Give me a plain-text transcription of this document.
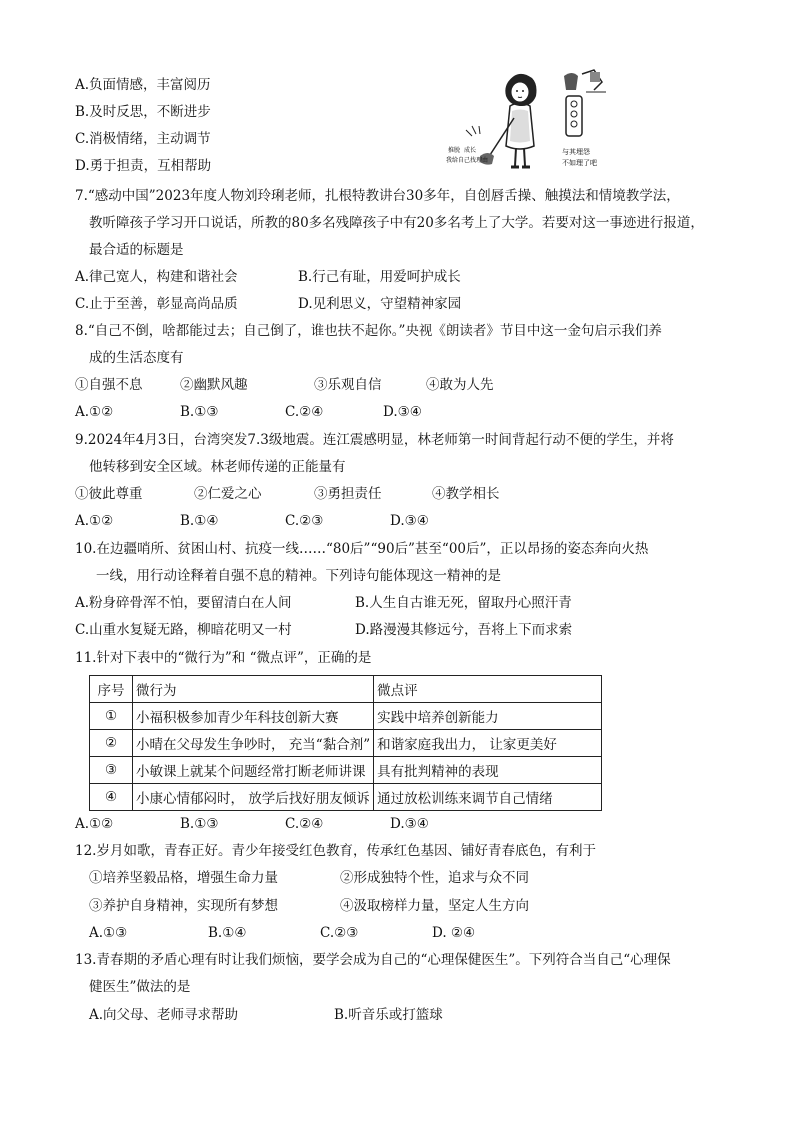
A.负面情感，丰富阅历
B.及时反思，不断进步
C.消极情绪，主动调节
D.勇于担责，互相帮助
推脱 成长
我给自己找理由
与其埋怨
不如理了吧
7.“感动中国”2023年度人物刘玲琍老师，扎根特教讲台30多年，自创唇舌操、触摸法和情境教学法，
教听障孩子学习开口说话，所教的80多名残障孩子中有20多名考上了大学。若要对这一事迹进行报道，
最合适的标题是
A.律己宽人，构建和谐社会	B.行己有耻，用爱呵护成长
C.止于至善，彰显高尚品质	D.见利思义，守望精神家园
8.“自己不倒，啥都能过去；自己倒了，谁也扶不起你。”央视《朗读者》节目中这一金句启示我们养
成的生活态度有
①自强不息	②幽默风趣	③乐观自信	④敢为人先
A.①②	B.①③	C.②④	D.③④
9.2024年4月3日，台湾突发7.3级地震。连江震感明显，林老师第一时间背起行动不便的学生，并将
他转移到安全区域。林老师传递的正能量有
①彼此尊重	②仁爱之心	③勇担责任	④教学相长
A.①②	B.①④	C.②③	D.③④
10.在边疆哨所、贫困山村、抗疫一线……“80后”“90后”甚至“00后”，正以昂扬的姿态奔向火热
一线，用行动诠释着自强不息的精神。下列诗句能体现这一精神的是
A.粉身碎骨浑不怕，要留清白在人间	B.人生自古谁无死，留取丹心照汗青
C.山重水复疑无路，柳暗花明又一村	D.路漫漫其修远兮，吾将上下而求索
11.针对下表中的“微行为”和 “微点评”，正确的是
序号	微行为	微点评
①	小福积极参加青少年科技创新大赛	实践中培养创新能力
②	小晴在父母发生争吵时， 充当“黏合剂”	和谐家庭我出力， 让家更美好
③	小敏课上就某个问题经常打断老师讲课	具有批判精神的表现
④	小康心情郁闷时， 放学后找好朋友倾诉	通过放松训练来调节自己情绪
A.①②	B.①③	C.②④	D.③④
12.岁月如歌，青春正好。青少年接受红色教育，传承红色基因、铺好青春底色，有利于
①培养坚毅品格，增强生命力量	②形成独特个性，追求与众不同
③养护自身精神，实现所有梦想	④汲取榜样力量，坚定人生方向
A.①③	B.①④	C.②③	D. ②④
13.青春期的矛盾心理有时让我们烦恼，要学会成为自己的“心理保健医生”。下列符合当自己“心理保
健医生”做法的是
A.向父母、老师寻求帮助	B.听音乐或打篮球
